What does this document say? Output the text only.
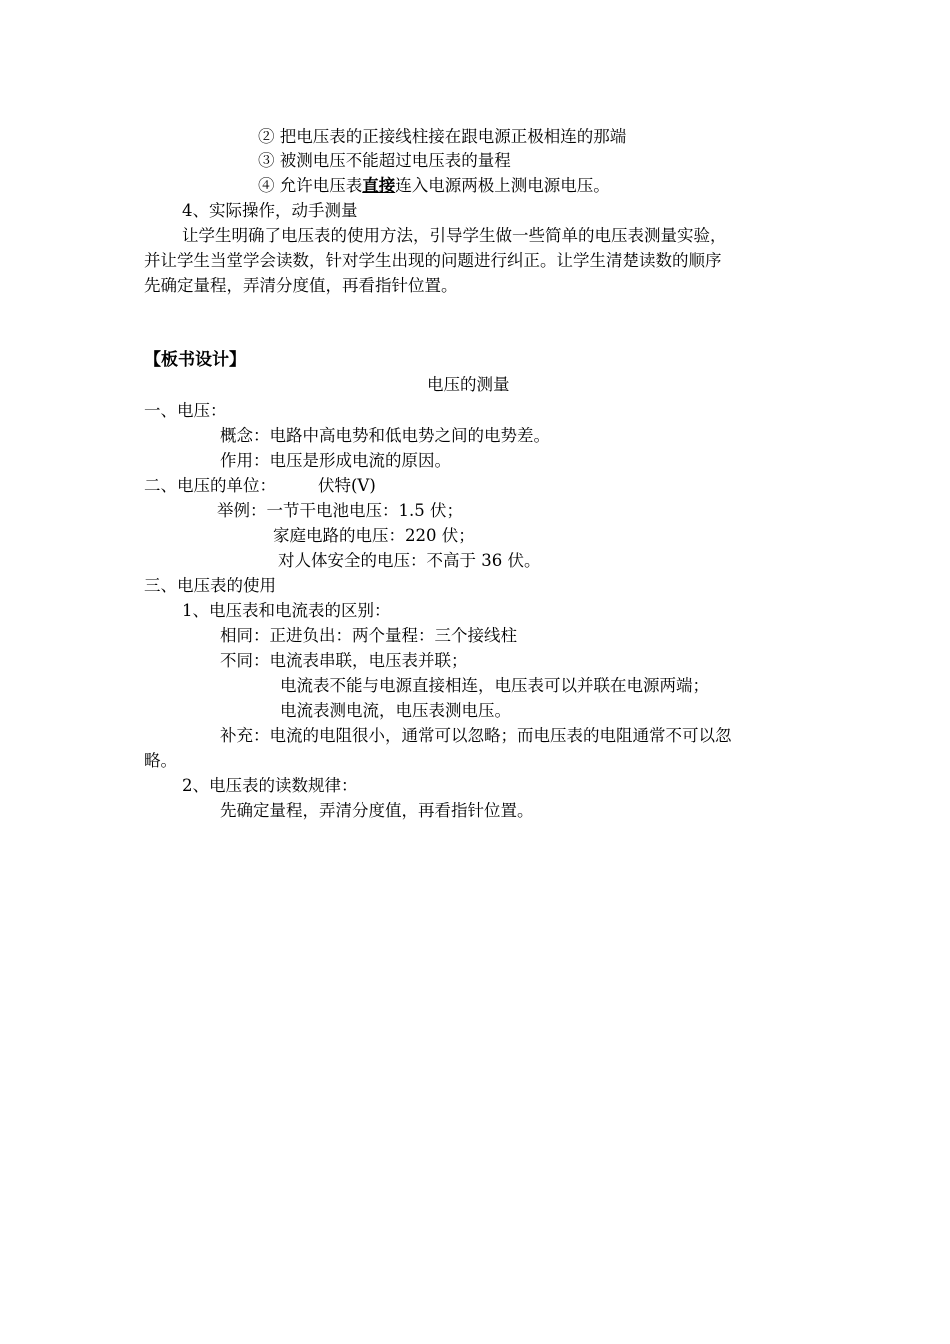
② 把电压表的正接线柱接在跟电源正极相连的那端
③ 被测电压不能超过电压表的量程
④ 允许电压表直接连入电源两极上测电源电压。
4、实际操作，动手测量
让学生明确了电压表的使用方法，引导学生做一些简单的电压表测量实验，
并让学生当堂学会读数，针对学生出现的问题进行纠正。让学生清楚读数的顺序
先确定量程，弄清分度值，再看指针位置。
【板书设计】
电压的测量
一、电压：
概念：电路中高电势和低电势之间的电势差。
作用：电压是形成电流的原因。
二、电压的单位：	伏特(V)
举例：一节干电池电压：1.5 伏；
家庭电路的电压：220 伏；
对人体安全的电压：不高于 36 伏。
三、电压表的使用
1、电压表和电流表的区别：
相同：正进负出：两个量程：三个接线柱
不同：电流表串联，电压表并联；
电流表不能与电源直接相连，电压表可以并联在电源两端；
电流表测电流，电压表测电压。
补充：电流的电阻很小，通常可以忽略；而电压表的电阻通常不可以忽
略。
2、电压表的读数规律：
先确定量程，弄清分度值，再看指针位置。
